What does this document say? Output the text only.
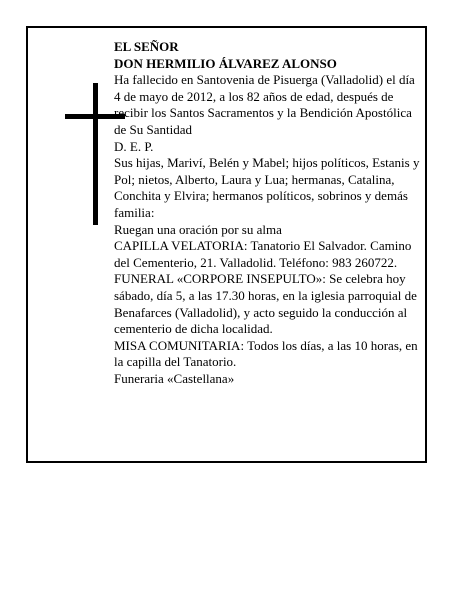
EL SEÑOR

DON HERMILIO ÁLVAREZ ALONSO

Ha fallecido en Santovenia de Pisuerga (Valladolid) el día 4 de mayo de 2012, a los 82 años de edad, después de recibir los Santos Sacramentos y la Bendición Apostólica de Su Santidad

D. E. P.

Sus hijas, Mariví, Belén y Mabel; hijos políticos, Estanis y Pol; nietos, Alberto, Laura y Lua; hermanas, Catalina, Conchita y Elvira; hermanos políticos, sobrinos y demás familia:

Ruegan una oración por su alma

CAPILLA VELATORIA: Tanatorio El Salvador. Camino del Cementerio, 21. Valladolid. Teléfono: 983 260722.

FUNERAL «CORPORE INSEPULTO»: Se celebra hoy sábado, día 5, a las 17.30 horas, en la iglesia parroquial de Benafarces (Valladolid), y acto seguido la conducción al cementerio de dicha localidad.

MISA COMUNITARIA: Todos los días, a las 10 horas, en la capilla del Tanatorio.

Funeraria «Castellana»
